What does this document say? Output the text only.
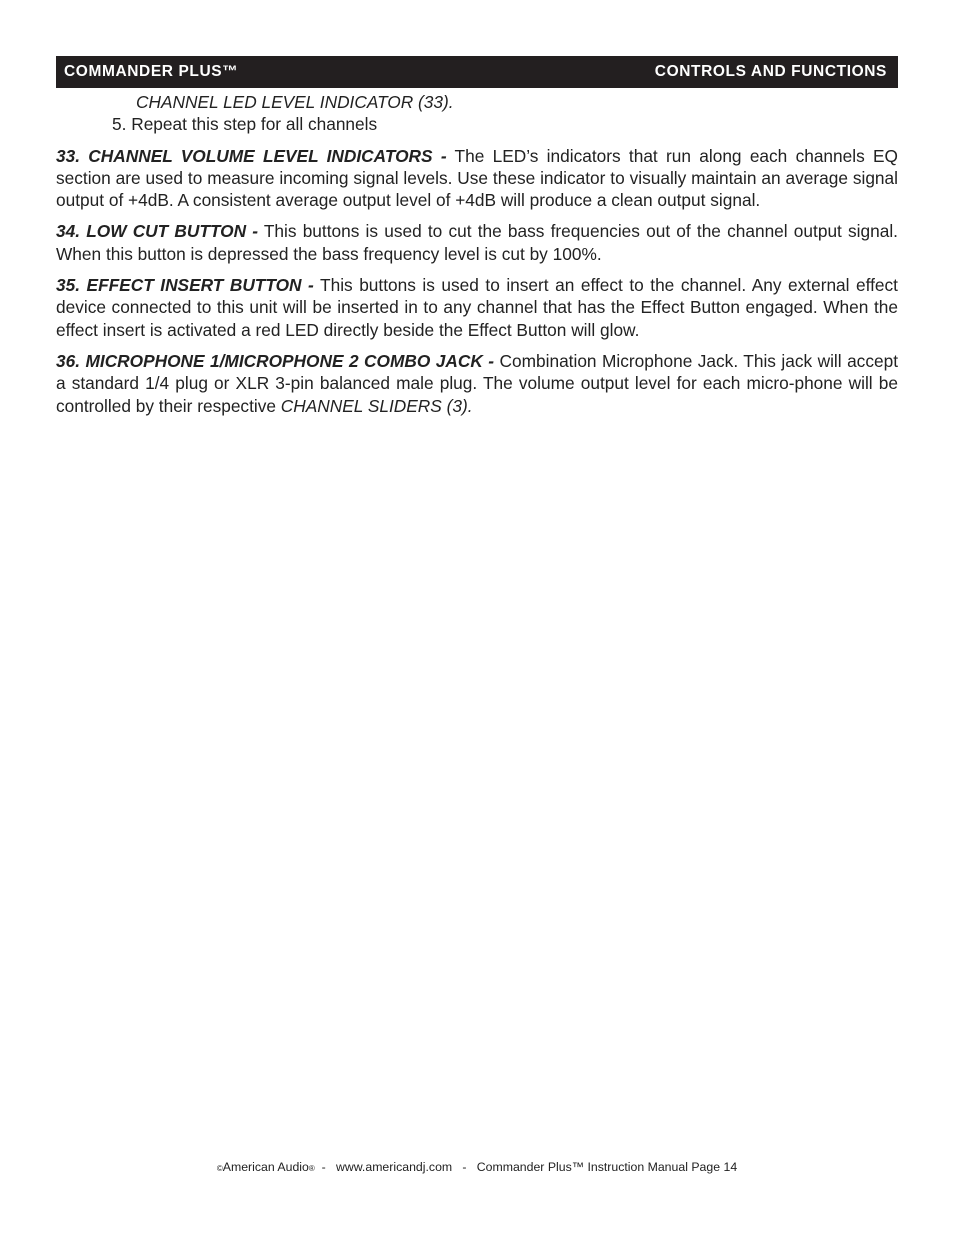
COMMANDER PLUS™	CONTROLS AND FUNCTIONS
CHANNEL LED LEVEL INDICATOR (33).
5. Repeat this step for all channels
33. CHANNEL VOLUME LEVEL INDICATORS - The LED’s indicators that run along each channels EQ section are used to measure incoming signal levels. Use these indicator to visually maintain an average signal output of +4dB. A consistent average output level of +4dB will produce a clean output signal.
34. LOW CUT BUTTON - This buttons is used to cut the bass frequencies out of the channel output signal. When this button is depressed the bass frequency level is cut by 100%.
35. EFFECT INSERT BUTTON - This buttons is used to insert an effect to the channel. Any external effect device connected to this unit will be inserted in to any channel that has the Effect Button engaged. When the effect insert is activated a red LED directly beside the Effect Button will glow.
36. MICROPHONE 1/MICROPHONE 2 COMBO JACK - Combination Microphone Jack. This jack will accept a standard 1/4 plug or XLR 3-pin balanced male plug. The volume output level for each micro-phone will be controlled by their respective CHANNEL SLIDERS (3).
©American Audio®  -   www.americandj.com   -   Commander Plus™ Instruction Manual Page 14
